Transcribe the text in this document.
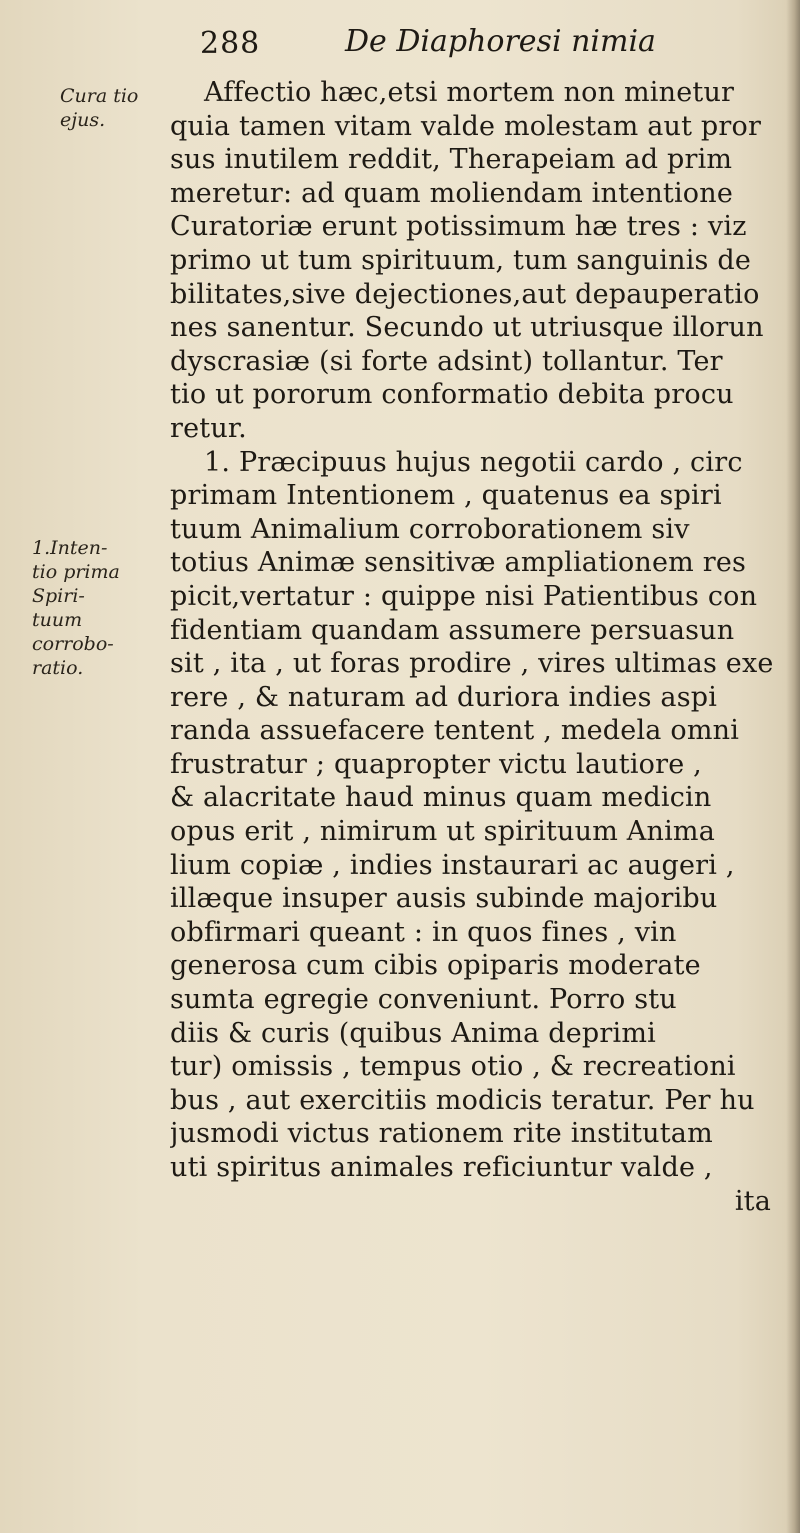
288	De Diaphoresi nimia
Cura tio
ejus.
1.Inten-
tio prima
Spiri-
tuum
corrobo-
ratio.
Affectio hæc,etsi mortem non minetur
quia tamen vitam valde molestam aut pror
sus inutilem reddit, Therapeiam ad prim
meretur: ad quam moliendam intentione
Curatoriæ erunt potissimum hæ tres : viz
primo ut tum spirituum, tum sanguinis de
bilitates,sive dejectiones,aut depauperatio
nes sanentur. Secundo ut utriusque illorun
dyscrasiæ (si forte adsint) tollantur. Ter
tio ut pororum conformatio debita procu
retur.
1. Præcipuus hujus negotii cardo , circ
primam Intentionem , quatenus ea spiri
tuum Animalium corroborationem siv
totius Animæ sensitivæ ampliationem res
picit,vertatur : quippe nisi Patientibus con
fidentiam quandam assumere persuasun
sit , ita , ut foras prodire , vires ultimas exe
rere , & naturam ad duriora indies aspi
randa assuefacere tentent , medela omni
frustratur ; quapropter victu lautiore ,
& alacritate haud minus quam medicin
opus erit , nimirum ut spirituum Anima
lium copiæ , indies instaurari ac augeri ,
illæque insuper ausis subinde majoribu
obfirmari queant : in quos fines , vin
generosa cum cibis opiparis moderate
sumta egregie conveniunt. Porro stu
diis & curis (quibus Anima deprimi
tur) omissis , tempus otio , & recreationi
bus , aut exercitiis modicis teratur. Per hu
jusmodi victus rationem rite institutam
uti spiritus animales reficiuntur valde ,
ita
